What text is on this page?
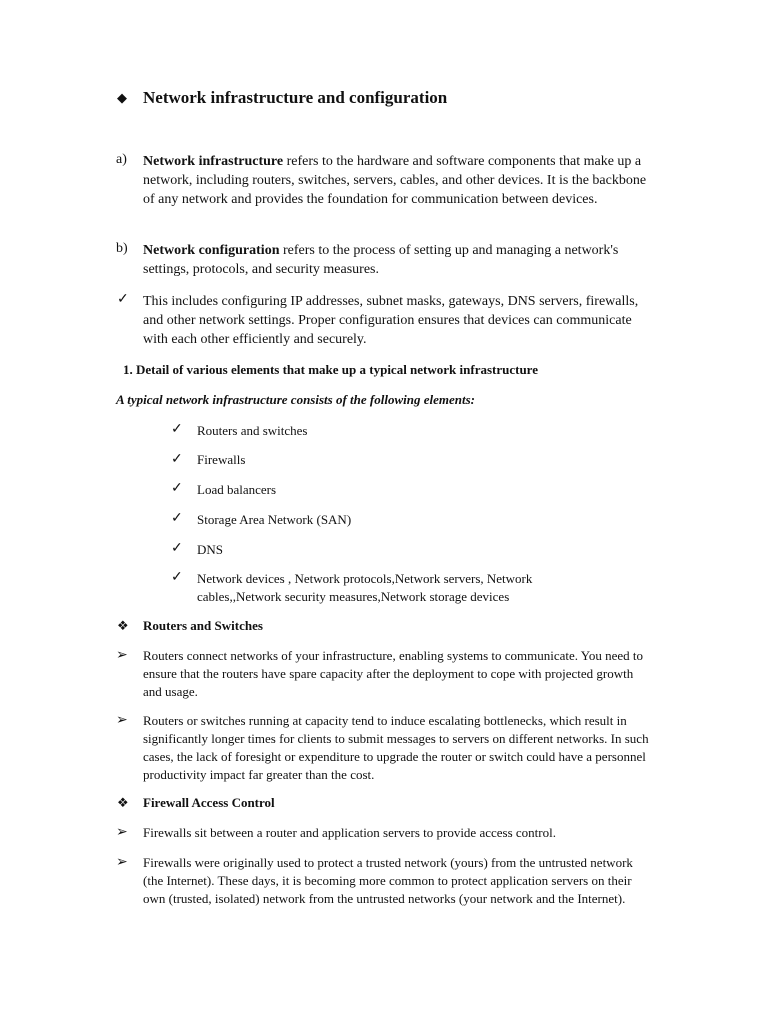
◆ Network infrastructure and configuration
a) Network infrastructure refers to the hardware and software components that make up a network, including routers, switches, servers, cables, and other devices. It is the backbone of any network and provides the foundation for communication between devices.
b) Network configuration refers to the process of setting up and managing a network's settings, protocols, and security measures.
✓ This includes configuring IP addresses, subnet masks, gateways, DNS servers, firewalls, and other network settings. Proper configuration ensures that devices can communicate with each other efficiently and securely.
1. Detail of various elements that make up a typical network infrastructure
A typical network infrastructure consists of the following elements:
✓ Routers and switches
✓ Firewalls
✓ Load balancers
✓ Storage Area Network (SAN)
✓ DNS
✓ Network devices , Network protocols,Network servers, Network cables,,Network security measures,Network storage devices
❖ Routers and Switches
➢ Routers connect networks of your infrastructure, enabling systems to communicate. You need to ensure that the routers have spare capacity after the deployment to cope with projected growth and usage.
➢ Routers or switches running at capacity tend to induce escalating bottlenecks, which result in significantly longer times for clients to submit messages to servers on different networks. In such cases, the lack of foresight or expenditure to upgrade the router or switch could have a personnel productivity impact far greater than the cost.
❖ Firewall Access Control
➢ Firewalls sit between a router and application servers to provide access control.
➢ Firewalls were originally used to protect a trusted network (yours) from the untrusted network (the Internet). These days, it is becoming more common to protect application servers on their own (trusted, isolated) network from the untrusted networks (your network and the Internet).
